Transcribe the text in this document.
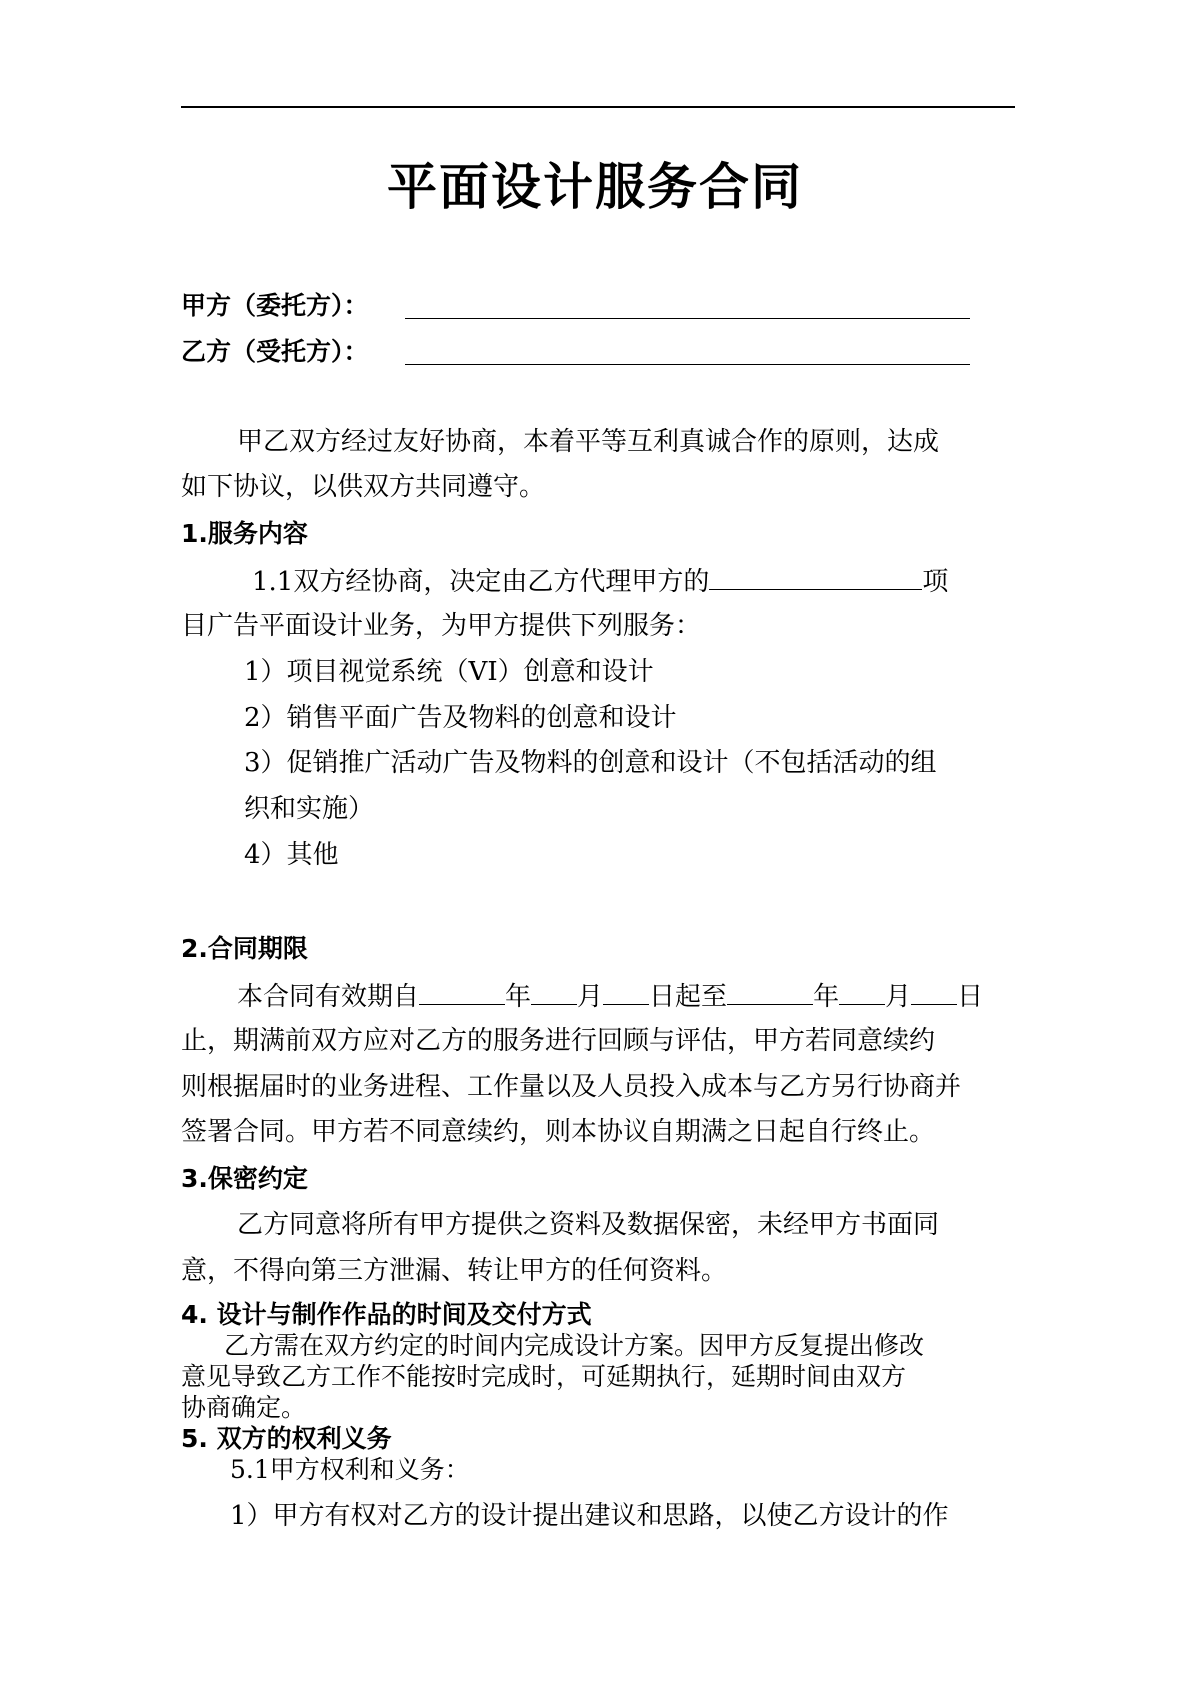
平面设计服务合同
甲方（委托方）：
乙方（受托方）：
甲乙双方经过友好协商，本着平等互利真诚合作的原则，达成
如下协议，以供双方共同遵守。
1.服务内容
1.1双方经协商，决定由乙方代理甲方的	项
目广告平面设计业务，为甲方提供下列服务：
1）项目视觉系统（VI）创意和设计
2）销售平面广告及物料的创意和设计
3）促销推广活动广告及物料的创意和设计（不包括活动的组
织和实施）
4）其他
2.合同期限
本合同有效期自	年 月 日起至	年 月 日
止，期满前双方应对乙方的服务进行回顾与评估，甲方若同意续约
则根据届时的业务进程、工作量以及人员投入成本与乙方另行协商并
签署合同。甲方若不同意续约，则本协议自期满之日起自行终止。
3.保密约定
乙方同意将所有甲方提供之资料及数据保密，未经甲方书面同
意，不得向第三方泄漏、转让甲方的任何资料。
4. 设计与制作作品的时间及交付方式
乙方需在双方约定的时间内完成设计方案。因甲方反复提出修改
意见导致乙方工作不能按时完成时，可延期执行，延期时间由双方
协商确定。
5. 双方的权利义务
5.1甲方权利和义务：
1）甲方有权对乙方的设计提出建议和思路，以使乙方设计的作
